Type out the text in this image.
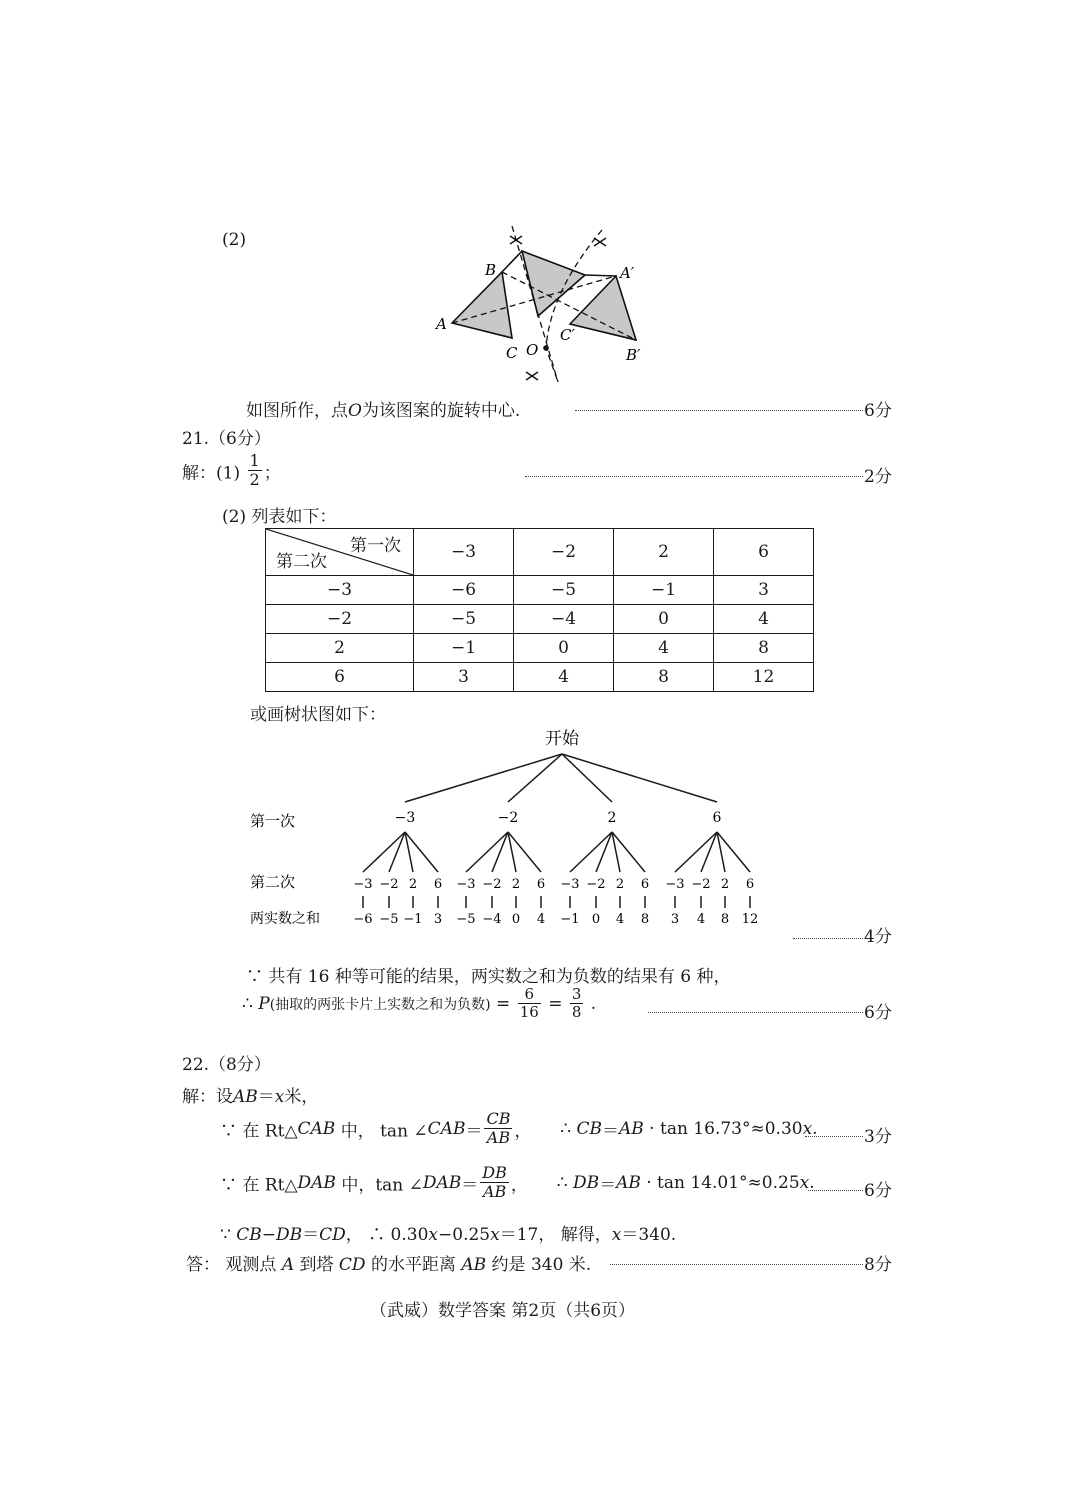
(2)
A
B
C O
A′
B′
C′
如图所作，点O为该图案的旋转中心.	6分
21.（6分）
解：$(1) \frac{1}{2}$ ；	2分
(2) 列表如下：
第一次
第二次	−3	−2	2	6
−3	−6	−5	−1	3
−2	−5	−4	0	4
2	−1	0	4	8
6	3	4	8	12
或画树状图如下：
开始
第一次
第二次
两实数之和
−3
−3
−6
−2
−5
2
−1
6
3
−2
−3
−5
−2
−4
2
0
6
4
2
−3
−1
−2
0
2
4
6
8
6
−3
3
−2
4
2
8
6
12
4分
∵ 共有 16 种等可能的结果，两实数之和为负数的结果有 6 种，
∴ P(抽取的两张卡片上实数之和为负数) = $\frac{6}{16} = \frac{3}{8}$ .	6分
22.（8分）
解：设AB＝x米，
∵ 在 Rt△CAB 中， tan ∠CAB＝ $\frac{CB}{AB}$ ， ∴ CB＝AB · tan 16.73°≈0.30x.	3分
∵ 在 Rt△DAB 中，tan ∠DAB＝ $\frac{DB}{AB}$ ， ∴ DB＝AB · tan 14.01°≈0.25x.	6分
∵ CB−DB＝CD， ∴ 0.30x−0.25x＝17， 解得，x＝340.
答： 观测点 A 到塔 CD 的水平距离 AB 约是 340 米.	8分
（武威）数学答案 第2页（共6页）
